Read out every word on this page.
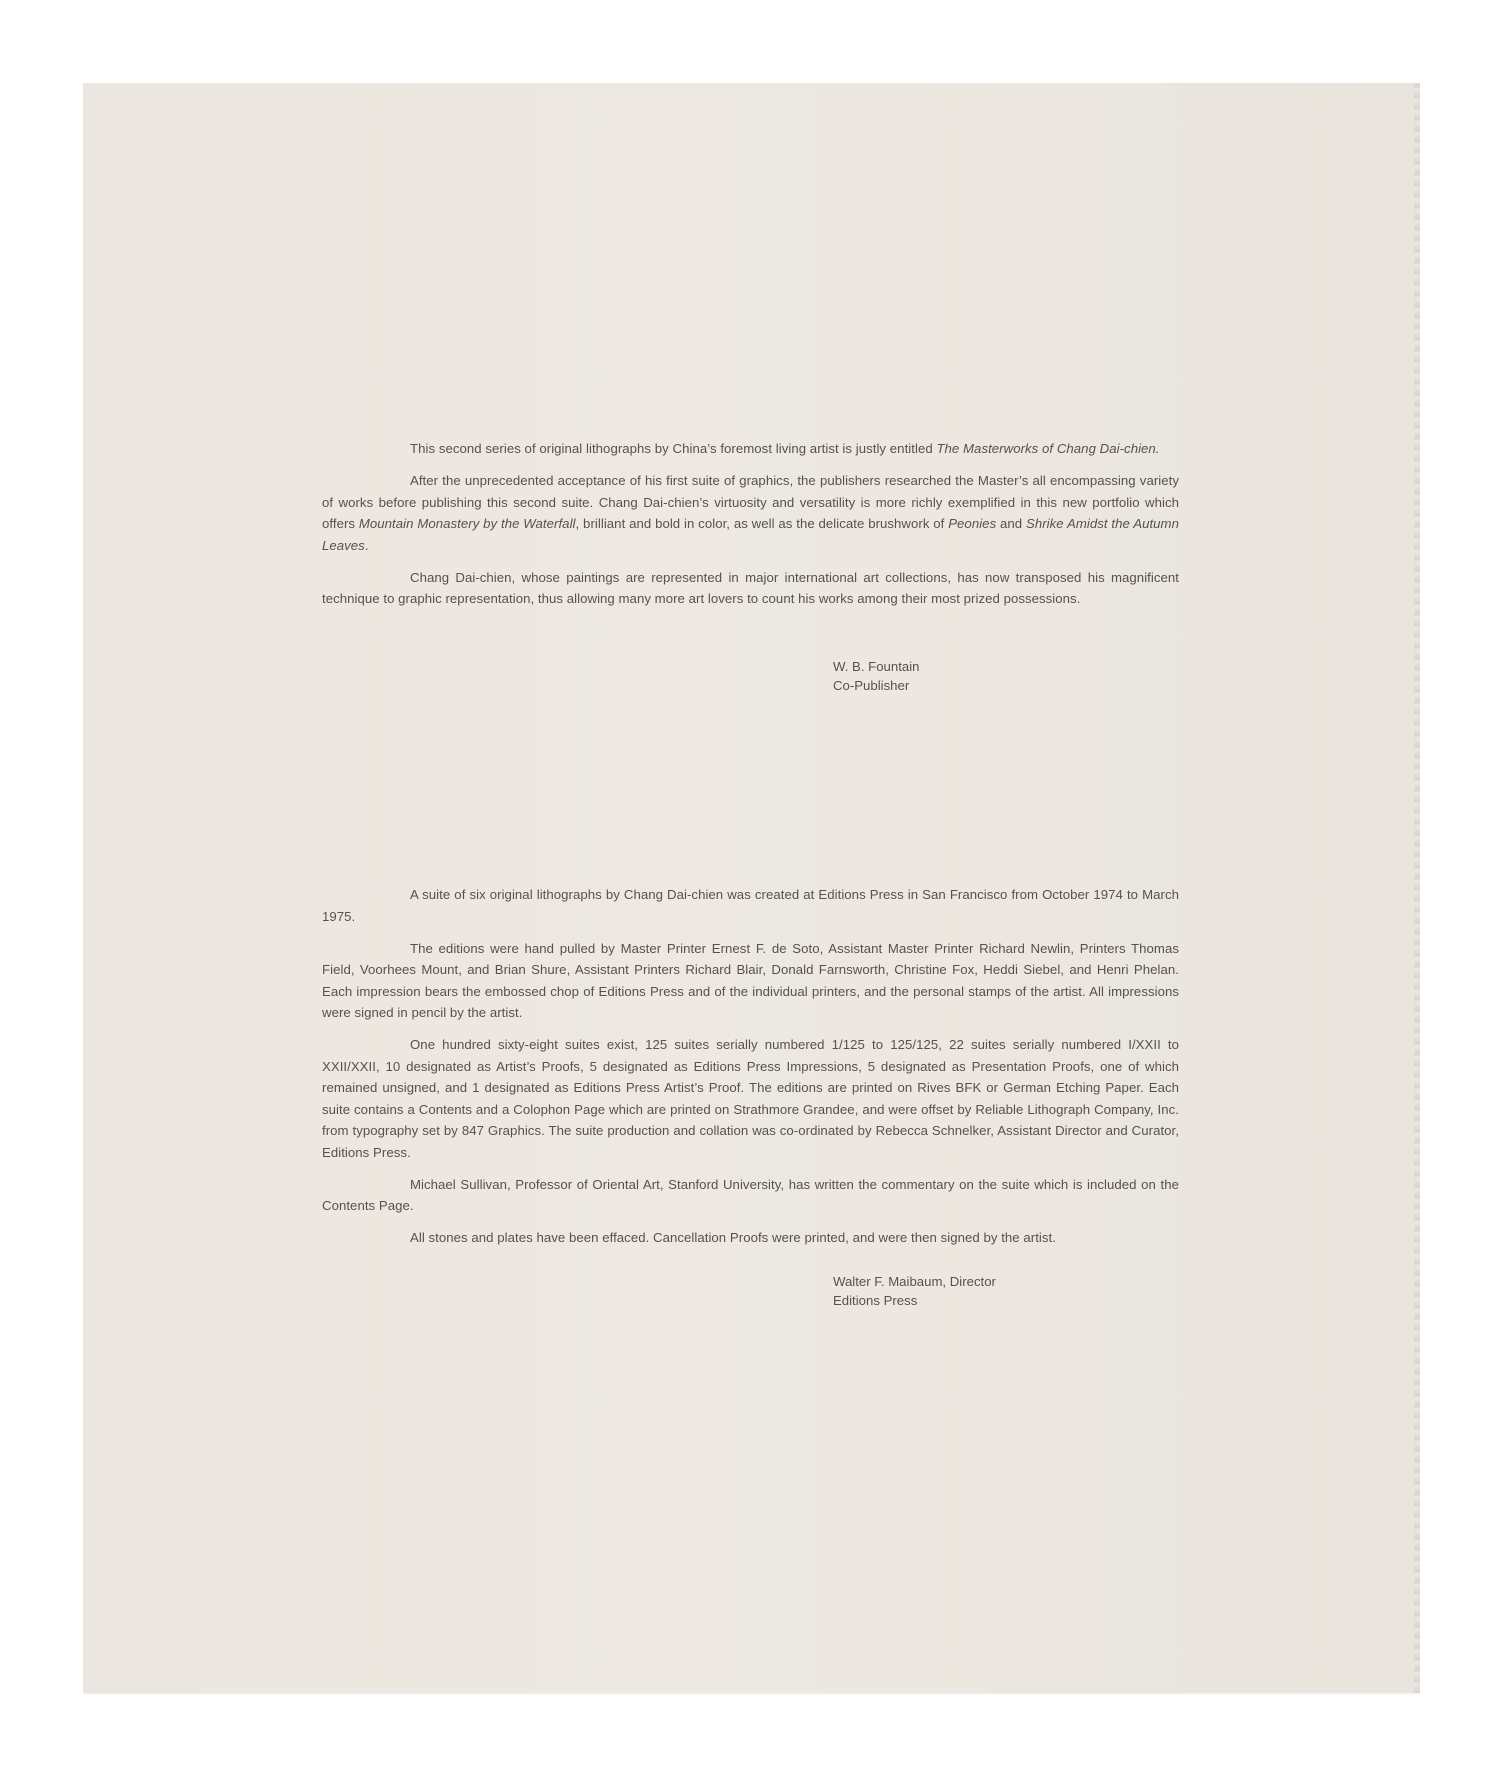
This second series of original lithographs by China’s foremost living artist is justly entitled The Masterworks of Chang Dai-chien.

After the unprecedented acceptance of his first suite of graphics, the publishers researched the Master’s all encompassing variety of works before publishing this second suite. Chang Dai-chien’s virtuosity and versatility is more richly exemplified in this new portfolio which offers Mountain Monastery by the Waterfall, brilliant and bold in color, as well as the delicate brushwork of Peonies and Shrike Amidst the Autumn Leaves.

Chang Dai-chien, whose paintings are represented in major international art collections, has now transposed his magnificent technique to graphic representation, thus allowing many more art lovers to count his works among their most prized possessions.

W. B. Fountain
Co-Publisher

A suite of six original lithographs by Chang Dai-chien was created at Editions Press in San Francisco from October 1974 to March 1975.

The editions were hand pulled by Master Printer Ernest F. de Soto, Assistant Master Printer Richard Newlin, Printers Thomas Field, Voorhees Mount, and Brian Shure, Assistant Printers Richard Blair, Donald Farnsworth, Christine Fox, Heddi Siebel, and Henri Phelan. Each impression bears the embossed chop of Editions Press and of the individual printers, and the personal stamps of the artist. All impressions were signed in pencil by the artist.

One hundred sixty-eight suites exist, 125 suites serially numbered 1/125 to 125/125, 22 suites serially numbered I/XXII to XXII/XXII, 10 designated as Artist’s Proofs, 5 designated as Editions Press Impressions, 5 designated as Presentation Proofs, one of which remained unsigned, and 1 designated as Editions Press Artist’s Proof. The editions are printed on Rives BFK or German Etching Paper. Each suite contains a Contents and a Colophon Page which are printed on Strathmore Grandee, and were offset by Reliable Lithograph Company, Inc. from typography set by 847 Graphics. The suite production and collation was co-ordinated by Rebecca Schnelker, Assistant Director and Curator, Editions Press.

Michael Sullivan, Professor of Oriental Art, Stanford University, has written the commentary on the suite which is included on the Contents Page.

All stones and plates have been effaced. Cancellation Proofs were printed, and were then signed by the artist.

Walter F. Maibaum, Director
Editions Press
